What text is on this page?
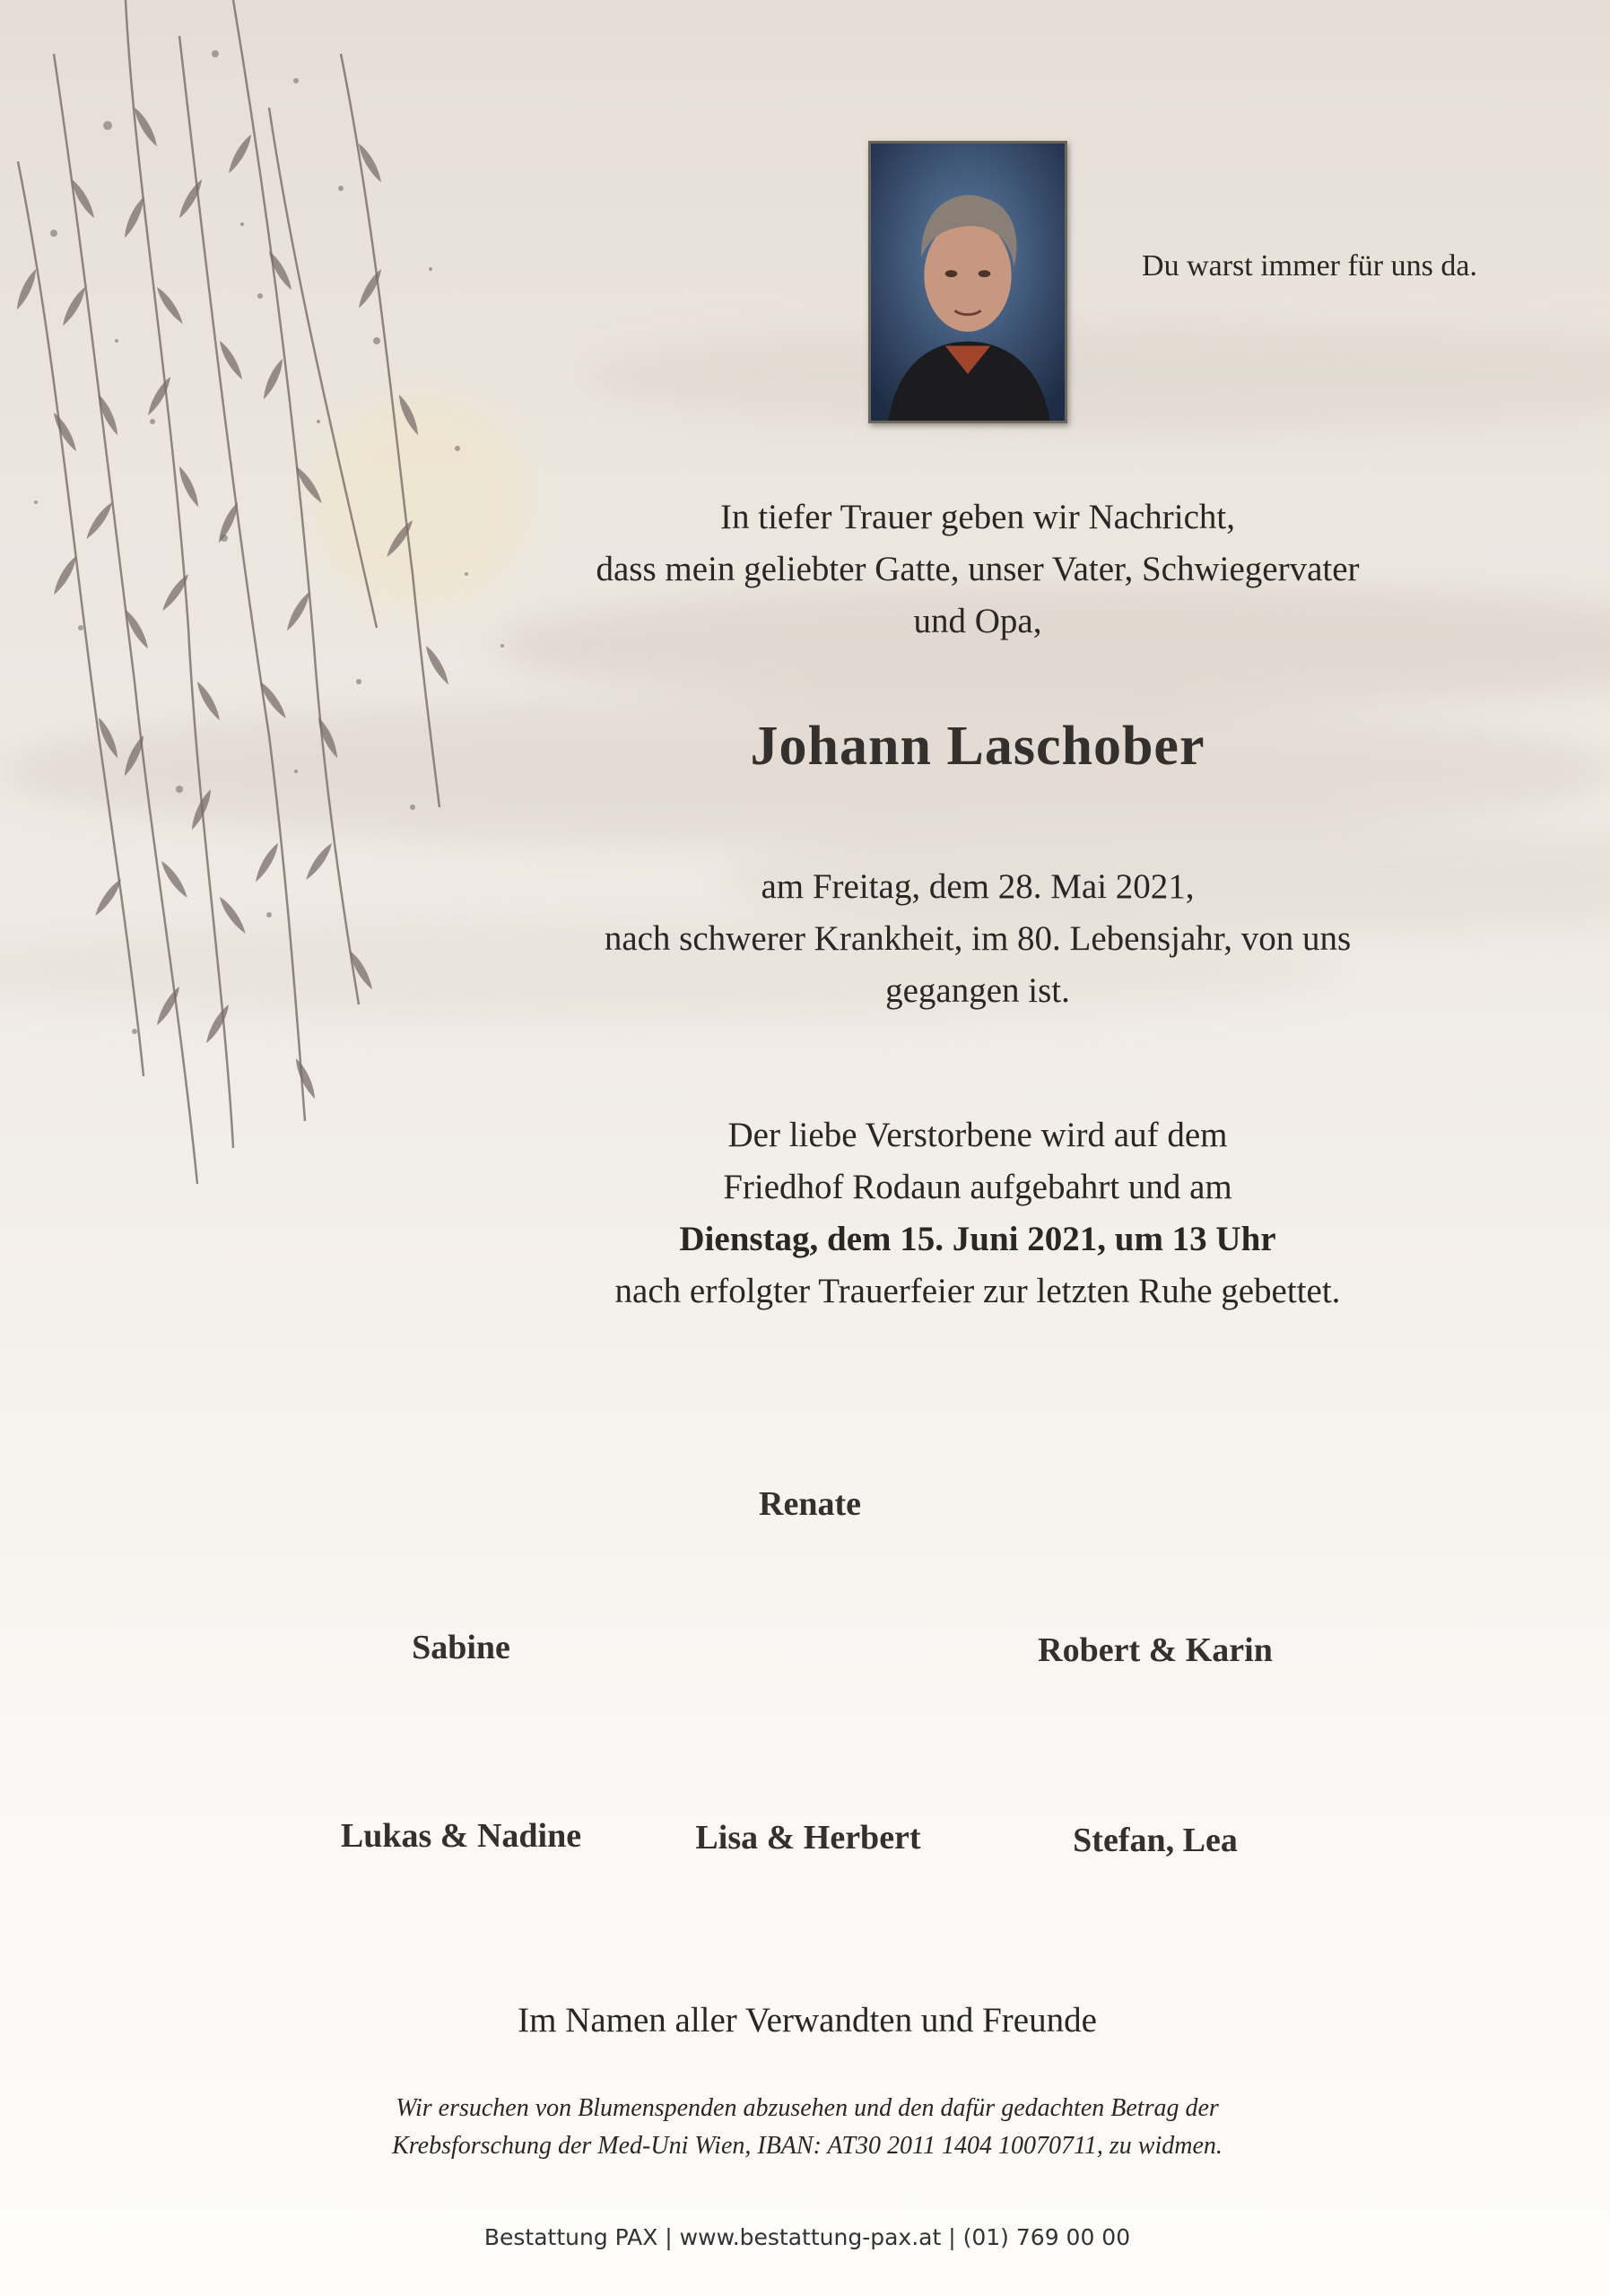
Du warst immer für uns da.
In tiefer Trauer geben wir Nachricht,
dass mein geliebter Gatte, unser Vater, Schwiegervater
und Opa,
Johann Laschober
am Freitag, dem 28. Mai 2021,
nach schwerer Krankheit, im 80. Lebensjahr, von uns
gegangen ist.
Der liebe Verstorbene wird auf dem
Friedhof Rodaun aufgebahrt und am
Dienstag, dem 15. Juni 2021, um 13 Uhr
nach erfolgter Trauerfeier zur letzten Ruhe gebettet.
Renate
Sabine	Robert & Karin
Lukas & Nadine	Lisa & Herbert	Stefan, Lea
Im Namen aller Verwandten und Freunde
Wir ersuchen von Blumenspenden abzusehen und den dafür gedachten Betrag der
Krebsforschung der Med-Uni Wien, IBAN: AT30 2011 1404 10070711, zu widmen.
Bestattung PAX | www.bestattung-pax.at | (01) 769 00 00
